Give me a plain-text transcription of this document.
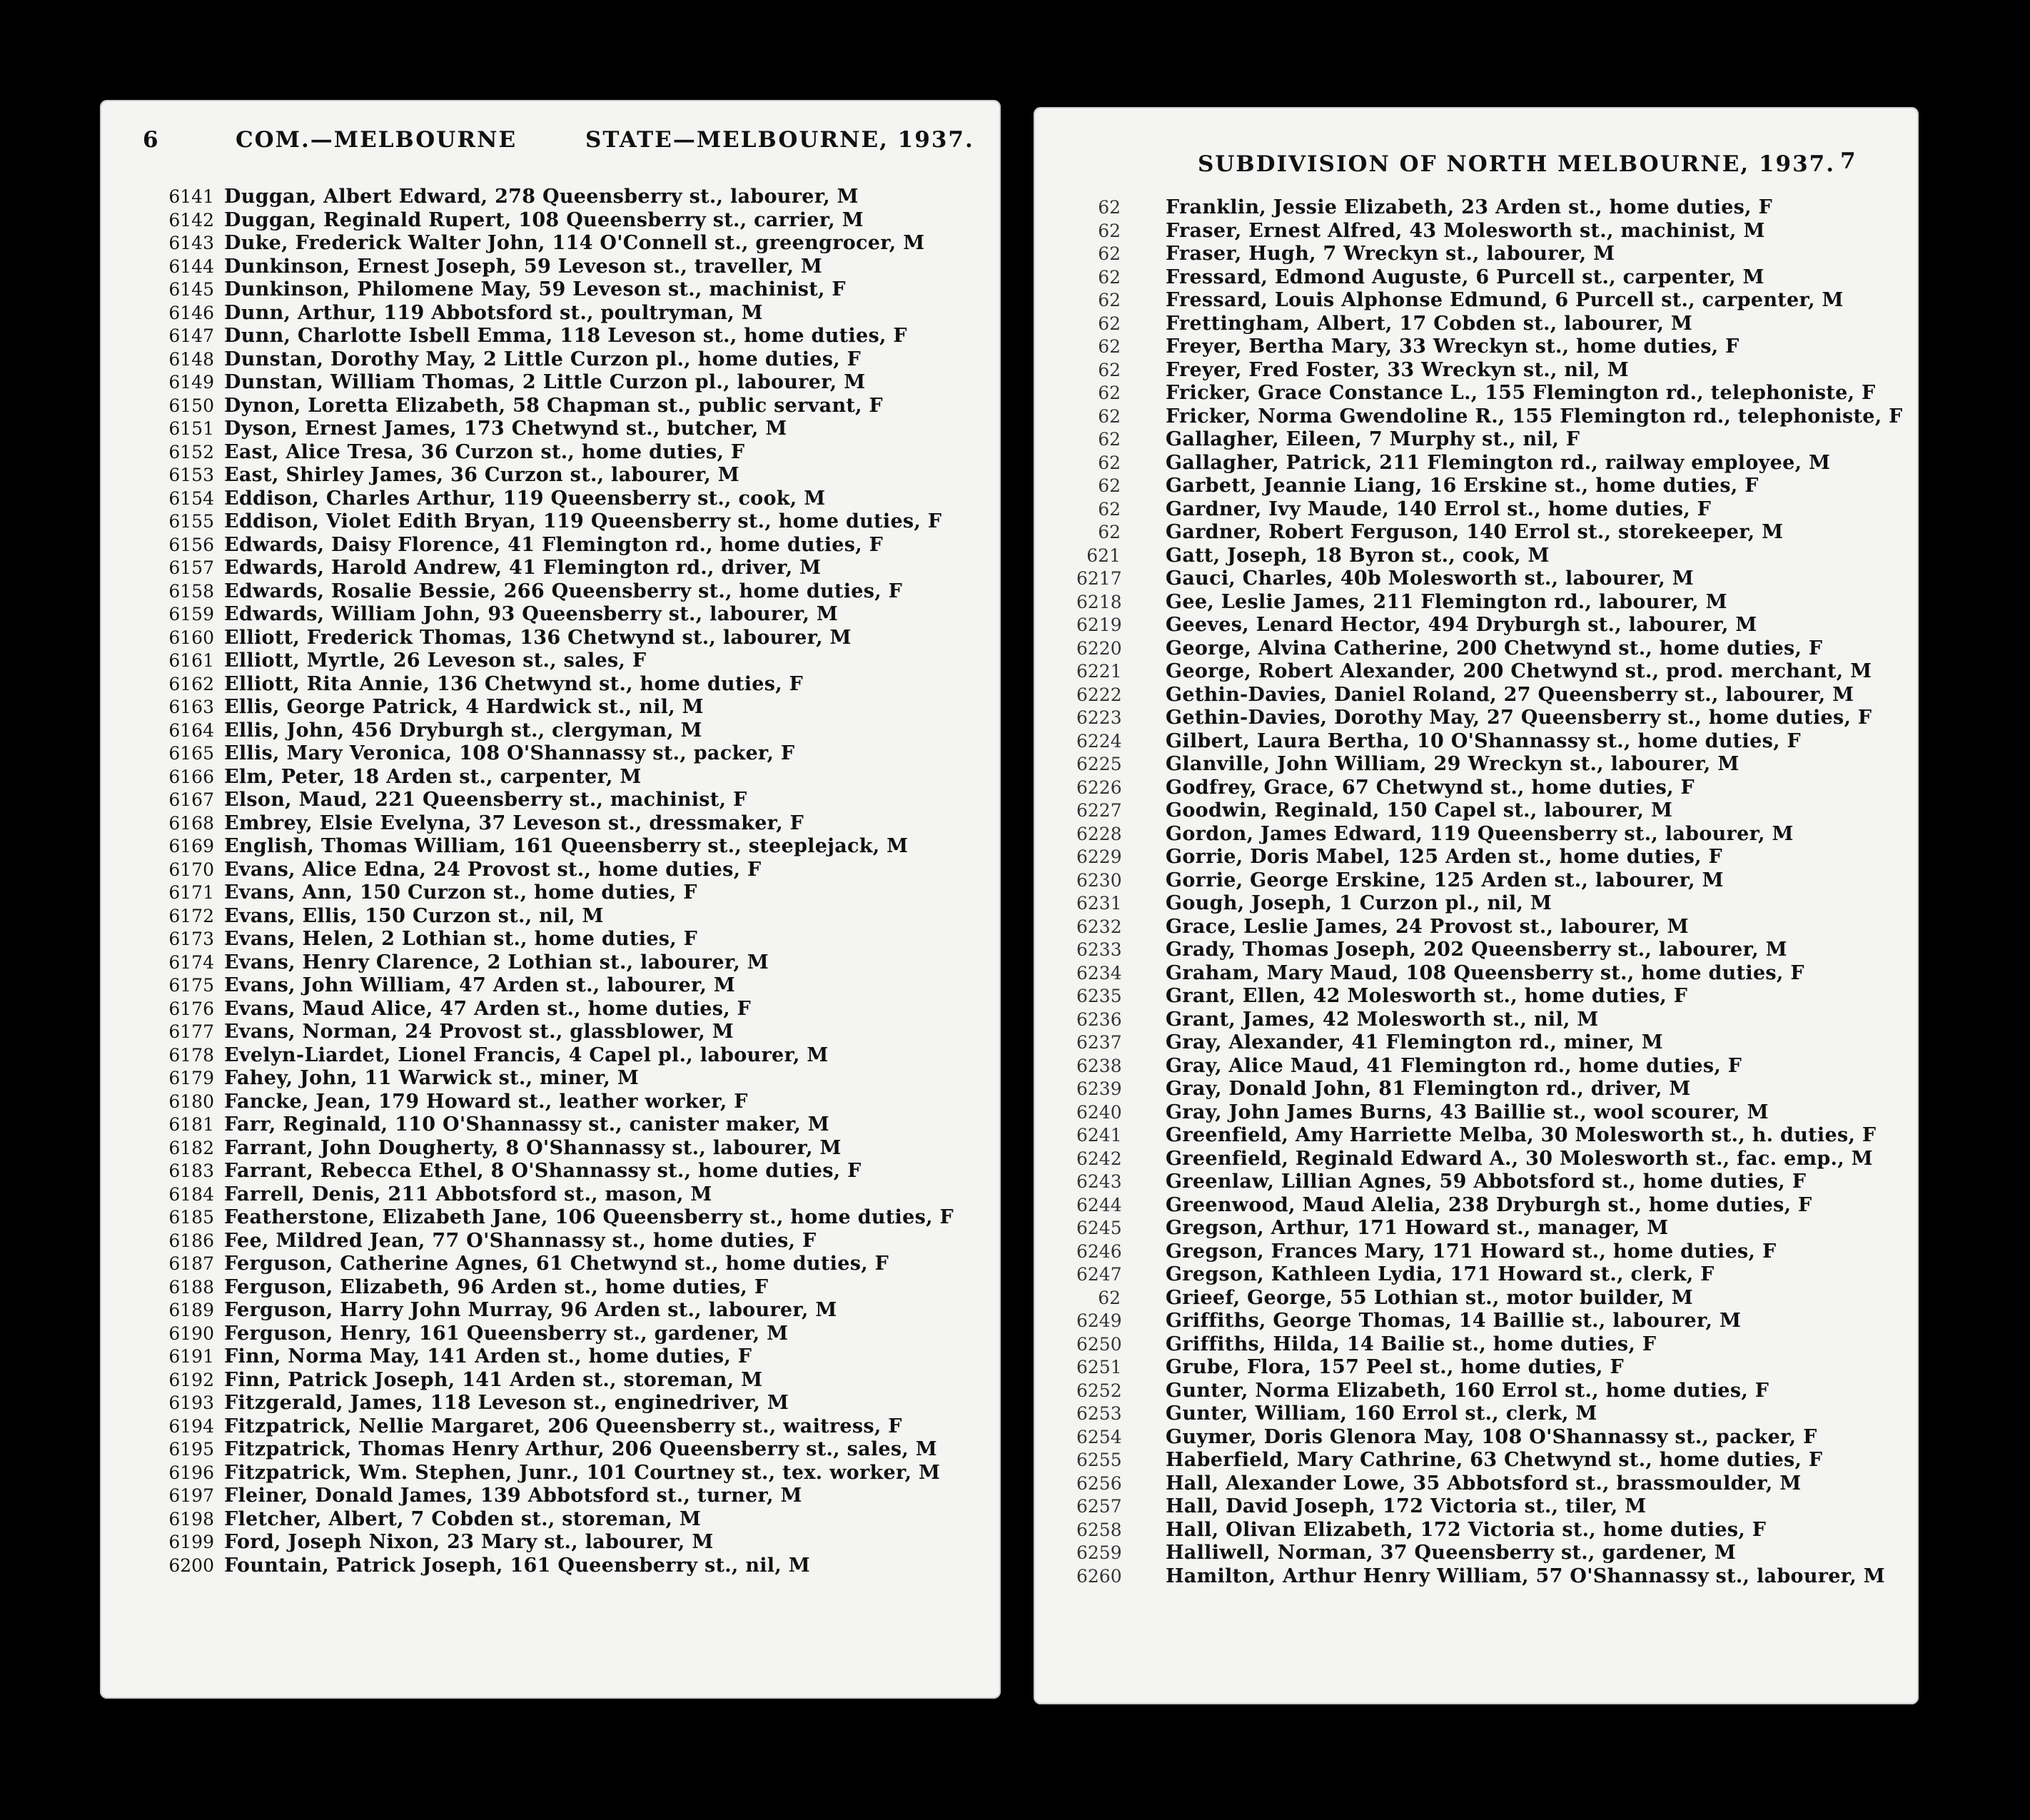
6	COM.—MELBOURNE	STATE—MELBOURNE, 1937.
6141 Duggan, Albert Edward, 278 Queensberry st., labourer, M
6142 Duggan, Reginald Rupert, 108 Queensberry st., carrier, M
6143 Duke, Frederick Walter John, 114 O'Connell st., greengrocer, M
6144 Dunkinson, Ernest Joseph, 59 Leveson st., traveller, M
6145 Dunkinson, Philomene May, 59 Leveson st., machinist, F
6146 Dunn, Arthur, 119 Abbotsford st., poultryman, M
6147 Dunn, Charlotte Isbell Emma, 118 Leveson st., home duties, F
6148 Dunstan, Dorothy May, 2 Little Curzon pl., home duties, F
6149 Dunstan, William Thomas, 2 Little Curzon pl., labourer, M
6150 Dynon, Loretta Elizabeth, 58 Chapman st., public servant, F
6151 Dyson, Ernest James, 173 Chetwynd st., butcher, M
6152 East, Alice Tresa, 36 Curzon st., home duties, F
6153 East, Shirley James, 36 Curzon st., labourer, M
6154 Eddison, Charles Arthur, 119 Queensberry st., cook, M
6155 Eddison, Violet Edith Bryan, 119 Queensberry st., home duties, F
6156 Edwards, Daisy Florence, 41 Flemington rd., home duties, F
6157 Edwards, Harold Andrew, 41 Flemington rd., driver, M
6158 Edwards, Rosalie Bessie, 266 Queensberry st., home duties, F
6159 Edwards, William John, 93 Queensberry st., labourer, M
6160 Elliott, Frederick Thomas, 136 Chetwynd st., labourer, M
6161 Elliott, Myrtle, 26 Leveson st., sales, F
6162 Elliott, Rita Annie, 136 Chetwynd st., home duties, F
6163 Ellis, George Patrick, 4 Hardwick st., nil, M
6164 Ellis, John, 456 Dryburgh st., clergyman, M
6165 Ellis, Mary Veronica, 108 O'Shannassy st., packer, F
6166 Elm, Peter, 18 Arden st., carpenter, M
6167 Elson, Maud, 221 Queensberry st., machinist, F
6168 Embrey, Elsie Evelyna, 37 Leveson st., dressmaker, F
6169 English, Thomas William, 161 Queensberry st., steeplejack, M
6170 Evans, Alice Edna, 24 Provost st., home duties, F
6171 Evans, Ann, 150 Curzon st., home duties, F
6172 Evans, Ellis, 150 Curzon st., nil, M
6173 Evans, Helen, 2 Lothian st., home duties, F
6174 Evans, Henry Clarence, 2 Lothian st., labourer, M
6175 Evans, John William, 47 Arden st., labourer, M
6176 Evans, Maud Alice, 47 Arden st., home duties, F
6177 Evans, Norman, 24 Provost st., glassblower, M
6178 Evelyn-Liardet, Lionel Francis, 4 Capel pl., labourer, M
6179 Fahey, John, 11 Warwick st., miner, M
6180 Fancke, Jean, 179 Howard st., leather worker, F
6181 Farr, Reginald, 110 O'Shannassy st., canister maker, M
6182 Farrant, John Dougherty, 8 O'Shannassy st., labourer, M
6183 Farrant, Rebecca Ethel, 8 O'Shannassy st., home duties, F
6184 Farrell, Denis, 211 Abbotsford st., mason, M
6185 Featherstone, Elizabeth Jane, 106 Queensberry st., home duties, F
6186 Fee, Mildred Jean, 77 O'Shannassy st., home duties, F
6187 Ferguson, Catherine Agnes, 61 Chetwynd st., home duties, F
6188 Ferguson, Elizabeth, 96 Arden st., home duties, F
6189 Ferguson, Harry John Murray, 96 Arden st., labourer, M
6190 Ferguson, Henry, 161 Queensberry st., gardener, M
6191 Finn, Norma May, 141 Arden st., home duties, F
6192 Finn, Patrick Joseph, 141 Arden st., storeman, M
6193 Fitzgerald, James, 118 Leveson st., enginedriver, M
6194 Fitzpatrick, Nellie Margaret, 206 Queensberry st., waitress, F
6195 Fitzpatrick, Thomas Henry Arthur, 206 Queensberry st., sales, M
6196 Fitzpatrick, Wm. Stephen, Junr., 101 Courtney st., tex. worker, M
6197 Fleiner, Donald James, 139 Abbotsford st., turner, M
6198 Fletcher, Albert, 7 Cobden st., storeman, M
6199 Ford, Joseph Nixon, 23 Mary st., labourer, M
6200 Fountain, Patrick Joseph, 161 Queensberry st., nil, M
SUBDIVISION OF NORTH MELBOURNE, 1937. 7
62 Franklin, Jessie Elizabeth, 23 Arden st., home duties, F
62 Fraser, Ernest Alfred, 43 Molesworth st., machinist, M
62 Fraser, Hugh, 7 Wreckyn st., labourer, M
62 Fressard, Edmond Auguste, 6 Purcell st., carpenter, M
62 Fressard, Louis Alphonse Edmund, 6 Purcell st., carpenter, M
62 Frettingham, Albert, 17 Cobden st., labourer, M
62 Freyer, Bertha Mary, 33 Wreckyn st., home duties, F
62 Freyer, Fred Foster, 33 Wreckyn st., nil, M
62 Fricker, Grace Constance L., 155 Flemington rd., telephoniste, F
62 Fricker, Norma Gwendoline R., 155 Flemington rd., telephoniste, F
62 Gallagher, Eileen, 7 Murphy st., nil, F
62 Gallagher, Patrick, 211 Flemington rd., railway employee, M
62 Garbett, Jeannie Liang, 16 Erskine st., home duties, F
62 Gardner, Ivy Maude, 140 Errol st., home duties, F
62 Gardner, Robert Ferguson, 140 Errol st., storekeeper, M
621 Gatt, Joseph, 18 Byron st., cook, M
6217 Gauci, Charles, 40b Molesworth st., labourer, M
6218 Gee, Leslie James, 211 Flemington rd., labourer, M
6219 Geeves, Lenard Hector, 494 Dryburgh st., labourer, M
6220 George, Alvina Catherine, 200 Chetwynd st., home duties, F
6221 George, Robert Alexander, 200 Chetwynd st., prod. merchant, M
6222 Gethin-Davies, Daniel Roland, 27 Queensberry st., labourer, M
6223 Gethin-Davies, Dorothy May, 27 Queensberry st., home duties, F
6224 Gilbert, Laura Bertha, 10 O'Shannassy st., home duties, F
6225 Glanville, John William, 29 Wreckyn st., labourer, M
6226 Godfrey, Grace, 67 Chetwynd st., home duties, F
6227 Goodwin, Reginald, 150 Capel st., labourer, M
6228 Gordon, James Edward, 119 Queensberry st., labourer, M
6229 Gorrie, Doris Mabel, 125 Arden st., home duties, F
6230 Gorrie, George Erskine, 125 Arden st., labourer, M
6231 Gough, Joseph, 1 Curzon pl., nil, M
6232 Grace, Leslie James, 24 Provost st., labourer, M
6233 Grady, Thomas Joseph, 202 Queensberry st., labourer, M
6234 Graham, Mary Maud, 108 Queensberry st., home duties, F
6235 Grant, Ellen, 42 Molesworth st., home duties, F
6236 Grant, James, 42 Molesworth st., nil, M
6237 Gray, Alexander, 41 Flemington rd., miner, M
6238 Gray, Alice Maud, 41 Flemington rd., home duties, F
6239 Gray, Donald John, 81 Flemington rd., driver, M
6240 Gray, John James Burns, 43 Baillie st., wool scourer, M
6241 Greenfield, Amy Harriette Melba, 30 Molesworth st., h. duties, F
6242 Greenfield, Reginald Edward A., 30 Molesworth st., fac. emp., M
6243 Greenlaw, Lillian Agnes, 59 Abbotsford st., home duties, F
6244 Greenwood, Maud Alelia, 238 Dryburgh st., home duties, F
6245 Gregson, Arthur, 171 Howard st., manager, M
6246 Gregson, Frances Mary, 171 Howard st., home duties, F
6247 Gregson, Kathleen Lydia, 171 Howard st., clerk, F
62 Grieef, George, 55 Lothian st., motor builder, M
6249 Griffiths, George Thomas, 14 Baillie st., labourer, M
6250 Griffiths, Hilda, 14 Bailie st., home duties, F
6251 Grube, Flora, 157 Peel st., home duties, F
6252 Gunter, Norma Elizabeth, 160 Errol st., home duties, F
6253 Gunter, William, 160 Errol st., clerk, M
6254 Guymer, Doris Glenora May, 108 O'Shannassy st., packer, F
6255 Haberfield, Mary Cathrine, 63 Chetwynd st., home duties, F
6256 Hall, Alexander Lowe, 35 Abbotsford st., brassmoulder, M
6257 Hall, David Joseph, 172 Victoria st., tiler, M
6258 Hall, Olivan Elizabeth, 172 Victoria st., home duties, F
6259 Halliwell, Norman, 37 Queensberry st., gardener, M
6260 Hamilton, Arthur Henry William, 57 O'Shannassy st., labourer, M
